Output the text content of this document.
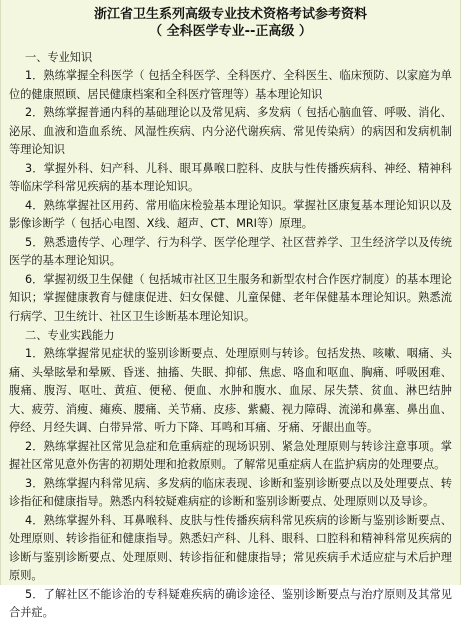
浙江省卫生系列高级专业技术资格考试参考资料
（ 全科医学专业--正高级 ）
一、专业知识

1．熟练掌握全科医学（ 包括全科医学、全科医疗、全科医生、临床预防、以家庭为单位的健康照顾、居民健康档案和全科医疗管理等）基本理论知识

2．熟练掌握普通内科的基础理论以及常见病、多发病（ 包括心脑血管、呼吸、消化、泌尿、血液和造血系统、风湿性疾病、内分泌代谢疾病、常见传染病）的病因和发病机制等理论知识

3．掌握外科、妇产科、儿科、眼耳鼻喉口腔科、皮肤与性传播疾病科、神经、精神科等临床学科常见疾病的基本理论知识。

4．熟练掌握社区用药、常用临床检验基本理论知识。掌握社区康复基本理论知识以及影像诊断学（ 包括心电图、X线、超声、CT、MRI等）原理。

5．熟悉遗传学、心理学、行为科学、医学伦理学、社区营养学、卫生经济学以及传统医学的基本理论知识。

6．掌握初级卫生保健（ 包括城市社区卫生服务和新型农村合作医疗制度）的基本理论知识；掌握健康教育与健康促进、妇女保健、儿童保健、老年保健基本理论知识。熟悉流行病学、卫生统计、社区卫生诊断基本理论知识。

二、专业实践能力

1．熟练掌握常见症状的鉴别诊断要点、处理原则与转诊。包括发热、咳嗽、咽痛、头痛、头晕眩晕和晕厥、昏迷、抽搐、失眠、抑郁、焦虑、咯血和呕血、胸痛、呼吸困难、腹痛、腹泻、呕吐、黄疸、便秘、便血、水肿和腹水、血尿、尿失禁、贫血、淋巴结肿大、疲劳、消瘦、瘫痪、腰痛、关节痛、皮疹、紫癜、视力障碍、流涕和鼻塞、鼻出血、停经、月经失调、白带异常、听力下降、耳鸣和耳痛、牙痛、牙龈出血等。

2．熟练掌握社区常见急症和危重病症的现场识别、紧急处理原则与转诊注意事项。掌握社区常见意外伤害的初期处理和抢救原则。了解常见重症病人在监护病房的处理要点。

3．熟练掌握内科常见病、多发病的临床表现、诊断和鉴别诊断要点以及处理要点、转诊指征和健康指导。熟悉内科较疑难病症的诊断和鉴别诊断要点、处理原则以及导诊。

4．熟练掌握外科、耳鼻喉科、皮肤与性传播疾病科常见疾病的诊断与鉴别诊断要点、处理原则、转诊指征和健康指导。熟悉妇产科、儿科、眼科、口腔科和精神科常见疾病的诊断与鉴别诊断要点、处理原则、转诊指征和健康指导；常见疾病手术适应症与术后护理原则。

5．了解社区不能诊治的专科疑难疾病的确诊途径、鉴别诊断要点与治疗原则及其常见合并症。
